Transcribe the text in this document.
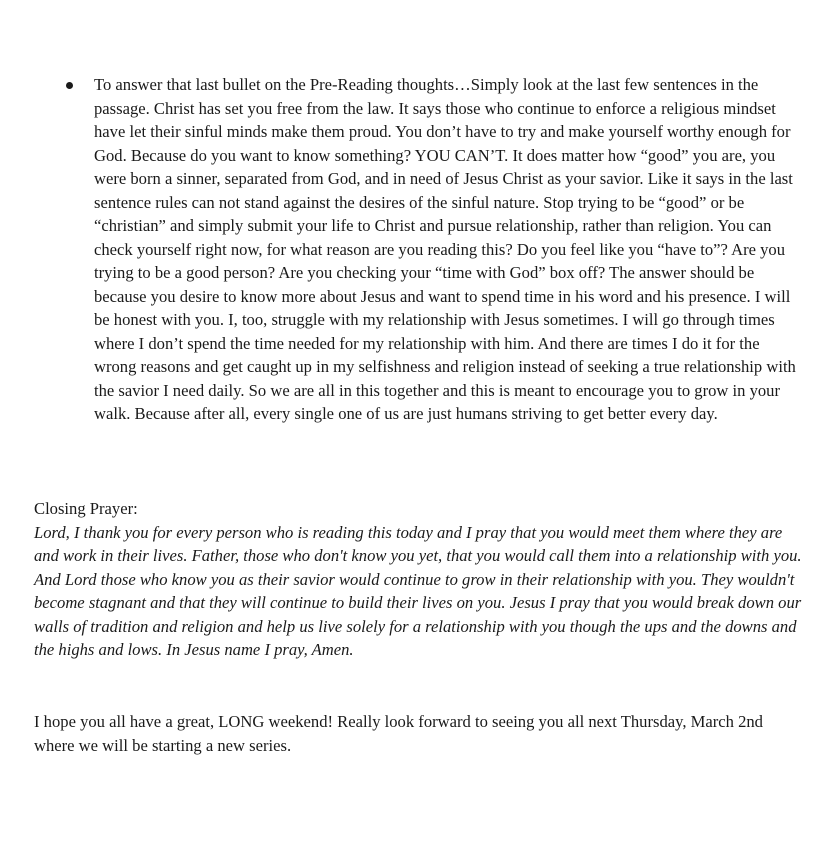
To answer that last bullet on the Pre-Reading thoughts…Simply look at the last few sentences in the passage. Christ has set you free from the law. It says those who continue to enforce a religious mindset have let their sinful minds make them proud. You don’t have to try and make yourself worthy enough for God. Because do you want to know something? YOU CAN’T. It does matter how “good” you are, you were born a sinner, separated from God, and in need of Jesus Christ as your savior. Like it says in the last sentence rules can not stand against the desires of the sinful nature. Stop trying to be “good” or be “christian” and simply submit your life to Christ and pursue relationship, rather than religion. You can check yourself right now, for what reason are you reading this? Do you feel like you “have to”? Are you trying to be a good person? Are you checking your “time with God” box off? The answer should be because you desire to know more about Jesus and want to spend time in his word and his presence. I will be honest with you. I, too, struggle with my relationship with Jesus sometimes. I will go through times where I don’t spend the time needed for my relationship with him. And there are times I do it for the wrong reasons and get caught up in my selfishness and religion instead of seeking a true relationship with the savior I need daily. So we are all in this together and this is meant to encourage you to grow in your walk. Because after all, every single one of us are just humans striving to get better every day.

Closing Prayer:

Lord, I thank you for every person who is reading this today and I pray that you would meet them where they are and work in their lives. Father, those who don't know you yet, that you would call them into a relationship with you. And Lord those who know you as their savior would continue to grow in their relationship with you. They wouldn't become stagnant and that they will continue to build their lives on you. Jesus I pray that you would break down our walls of tradition and religion and help us live solely for a relationship with you though the ups and the downs and the highs and lows. In Jesus name I pray, Amen.

I hope you all have a great, LONG weekend! Really look forward to seeing you all next Thursday, March 2nd where we will be starting a new series.
